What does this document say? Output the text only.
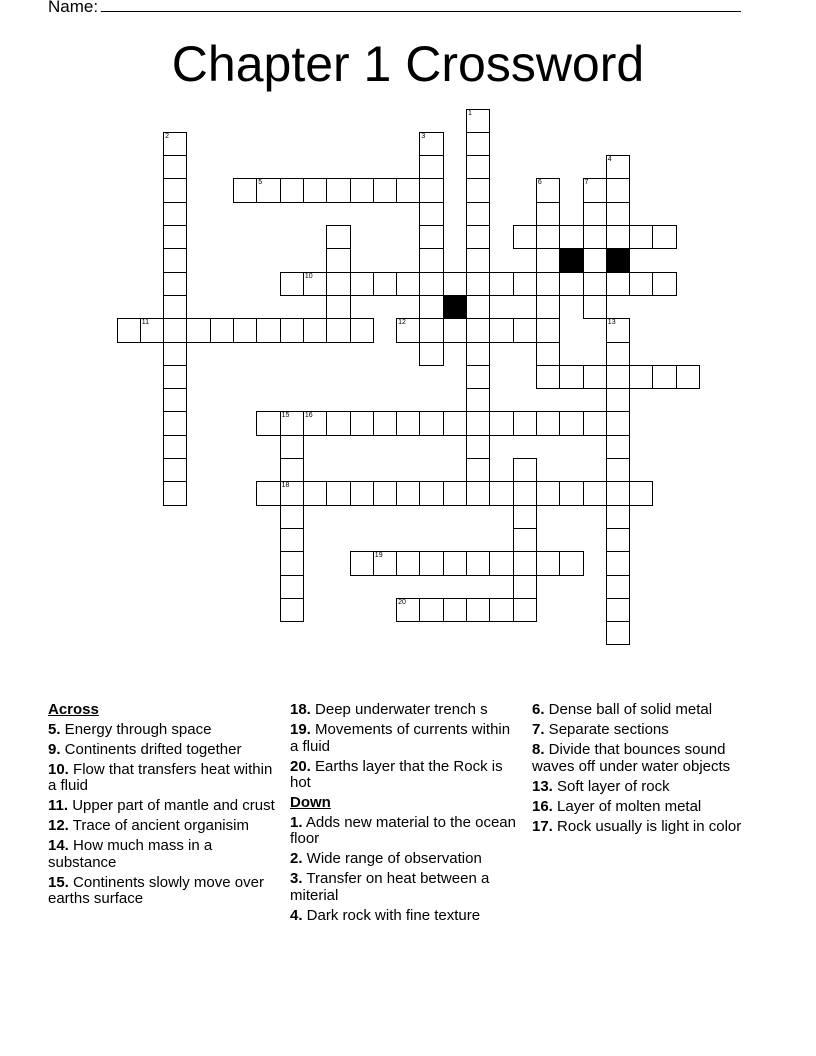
Name:
Chapter 1 Crossword
1
2	3
4
5	6	7
10
11	12	13
15 16
18
19
20
Across
5. Energy through space
9. Continents drifted together
10. Flow that transfers heat within a fluid
11. Upper part of mantle and crust
12. Trace of ancient organisim
14. How much mass in a substance
15. Continents slowly move over earths surface
18. Deep underwater trench s
19. Movements of currents within a fluid
20. Earths layer that the Rock is hot
Down
1. Adds new material to the ocean floor
2. Wide range of observation
3. Transfer on heat between a miterial
4. Dark rock with fine texture
6. Dense ball of solid metal
7. Separate sections
8. Divide that bounces sound waves off under water objects
13. Soft layer of rock
16. Layer of molten metal
17. Rock usually is light in color
